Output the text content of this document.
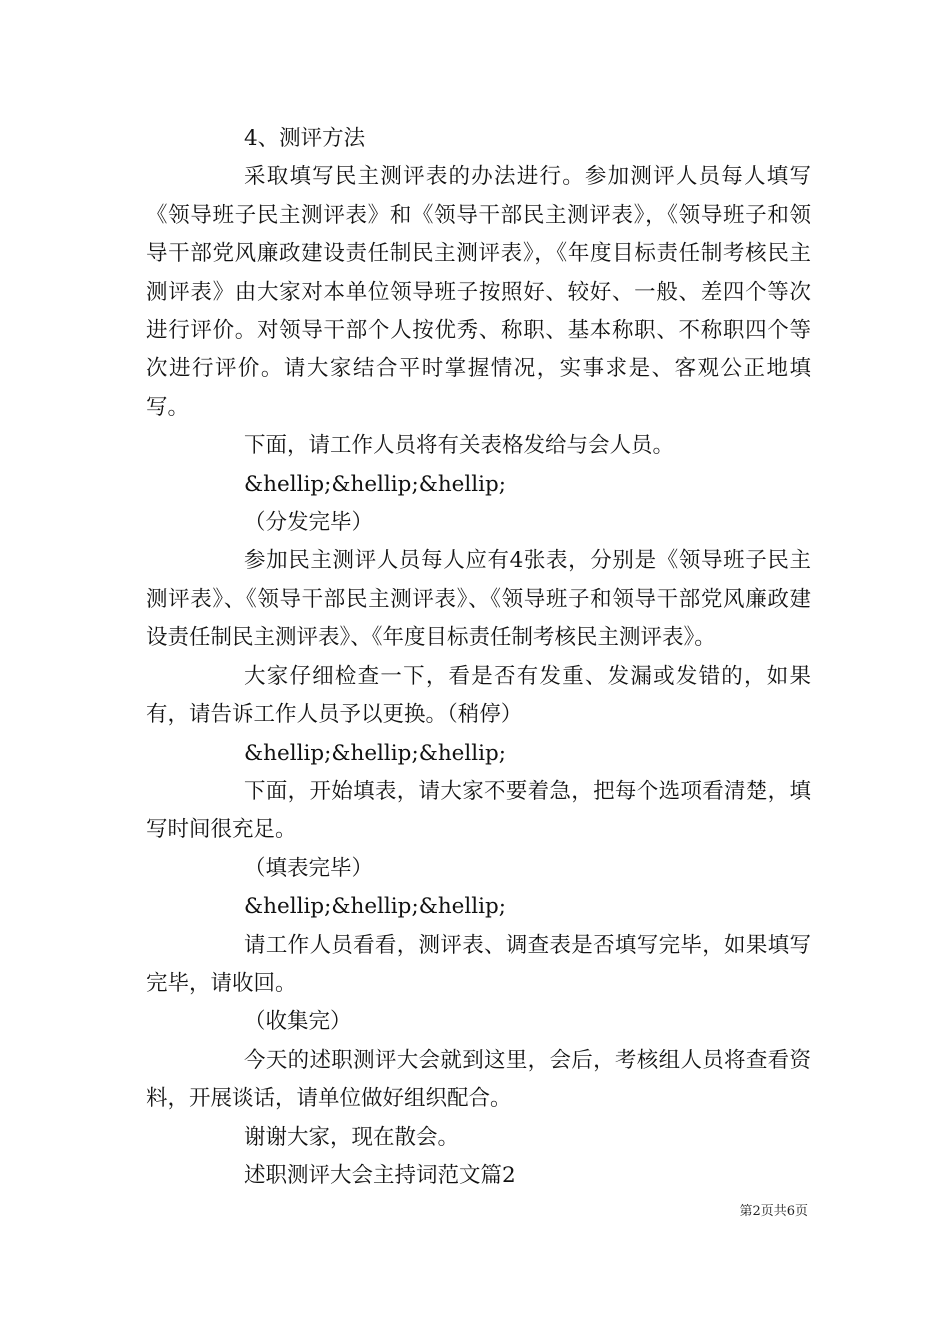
4、测评方法

采取填写民主测评表的办法进行。参加测评人员每人填写《领导班子民主测评表》和《领导干部民主测评表》，《领导班子和领导干部党风廉政建设责任制民主测评表》，《年度目标责任制考核民主测评表》由大家对本单位领导班子按照好、较好、一般、差四个等次进行评价。对领导干部个人按优秀、称职、基本称职、不称职四个等次进行评价。请大家结合平时掌握情况，实事求是、客观公正地填写。

下面，请工作人员将有关表格发给与会人员。

&hellip;&hellip;&hellip;

（分发完毕）

参加民主测评人员每人应有4张表，分别是《领导班子民主测评表》、《领导干部民主测评表》、《领导班子和领导干部党风廉政建设责任制民主测评表》、《年度目标责任制考核民主测评表》。

大家仔细检查一下，看是否有发重、发漏或发错的，如果有，请告诉工作人员予以更换。（稍停）

&hellip;&hellip;&hellip;

下面，开始填表，请大家不要着急，把每个选项看清楚，填写时间很充足。

（填表完毕）

&hellip;&hellip;&hellip;

请工作人员看看，测评表、调查表是否填写完毕，如果填写完毕，请收回。

（收集完）

今天的述职测评大会就到这里，会后，考核组人员将查看资料，开展谈话，请单位做好组织配合。

谢谢大家，现在散会。

述职测评大会主持词范文篇2

第2页共6页
